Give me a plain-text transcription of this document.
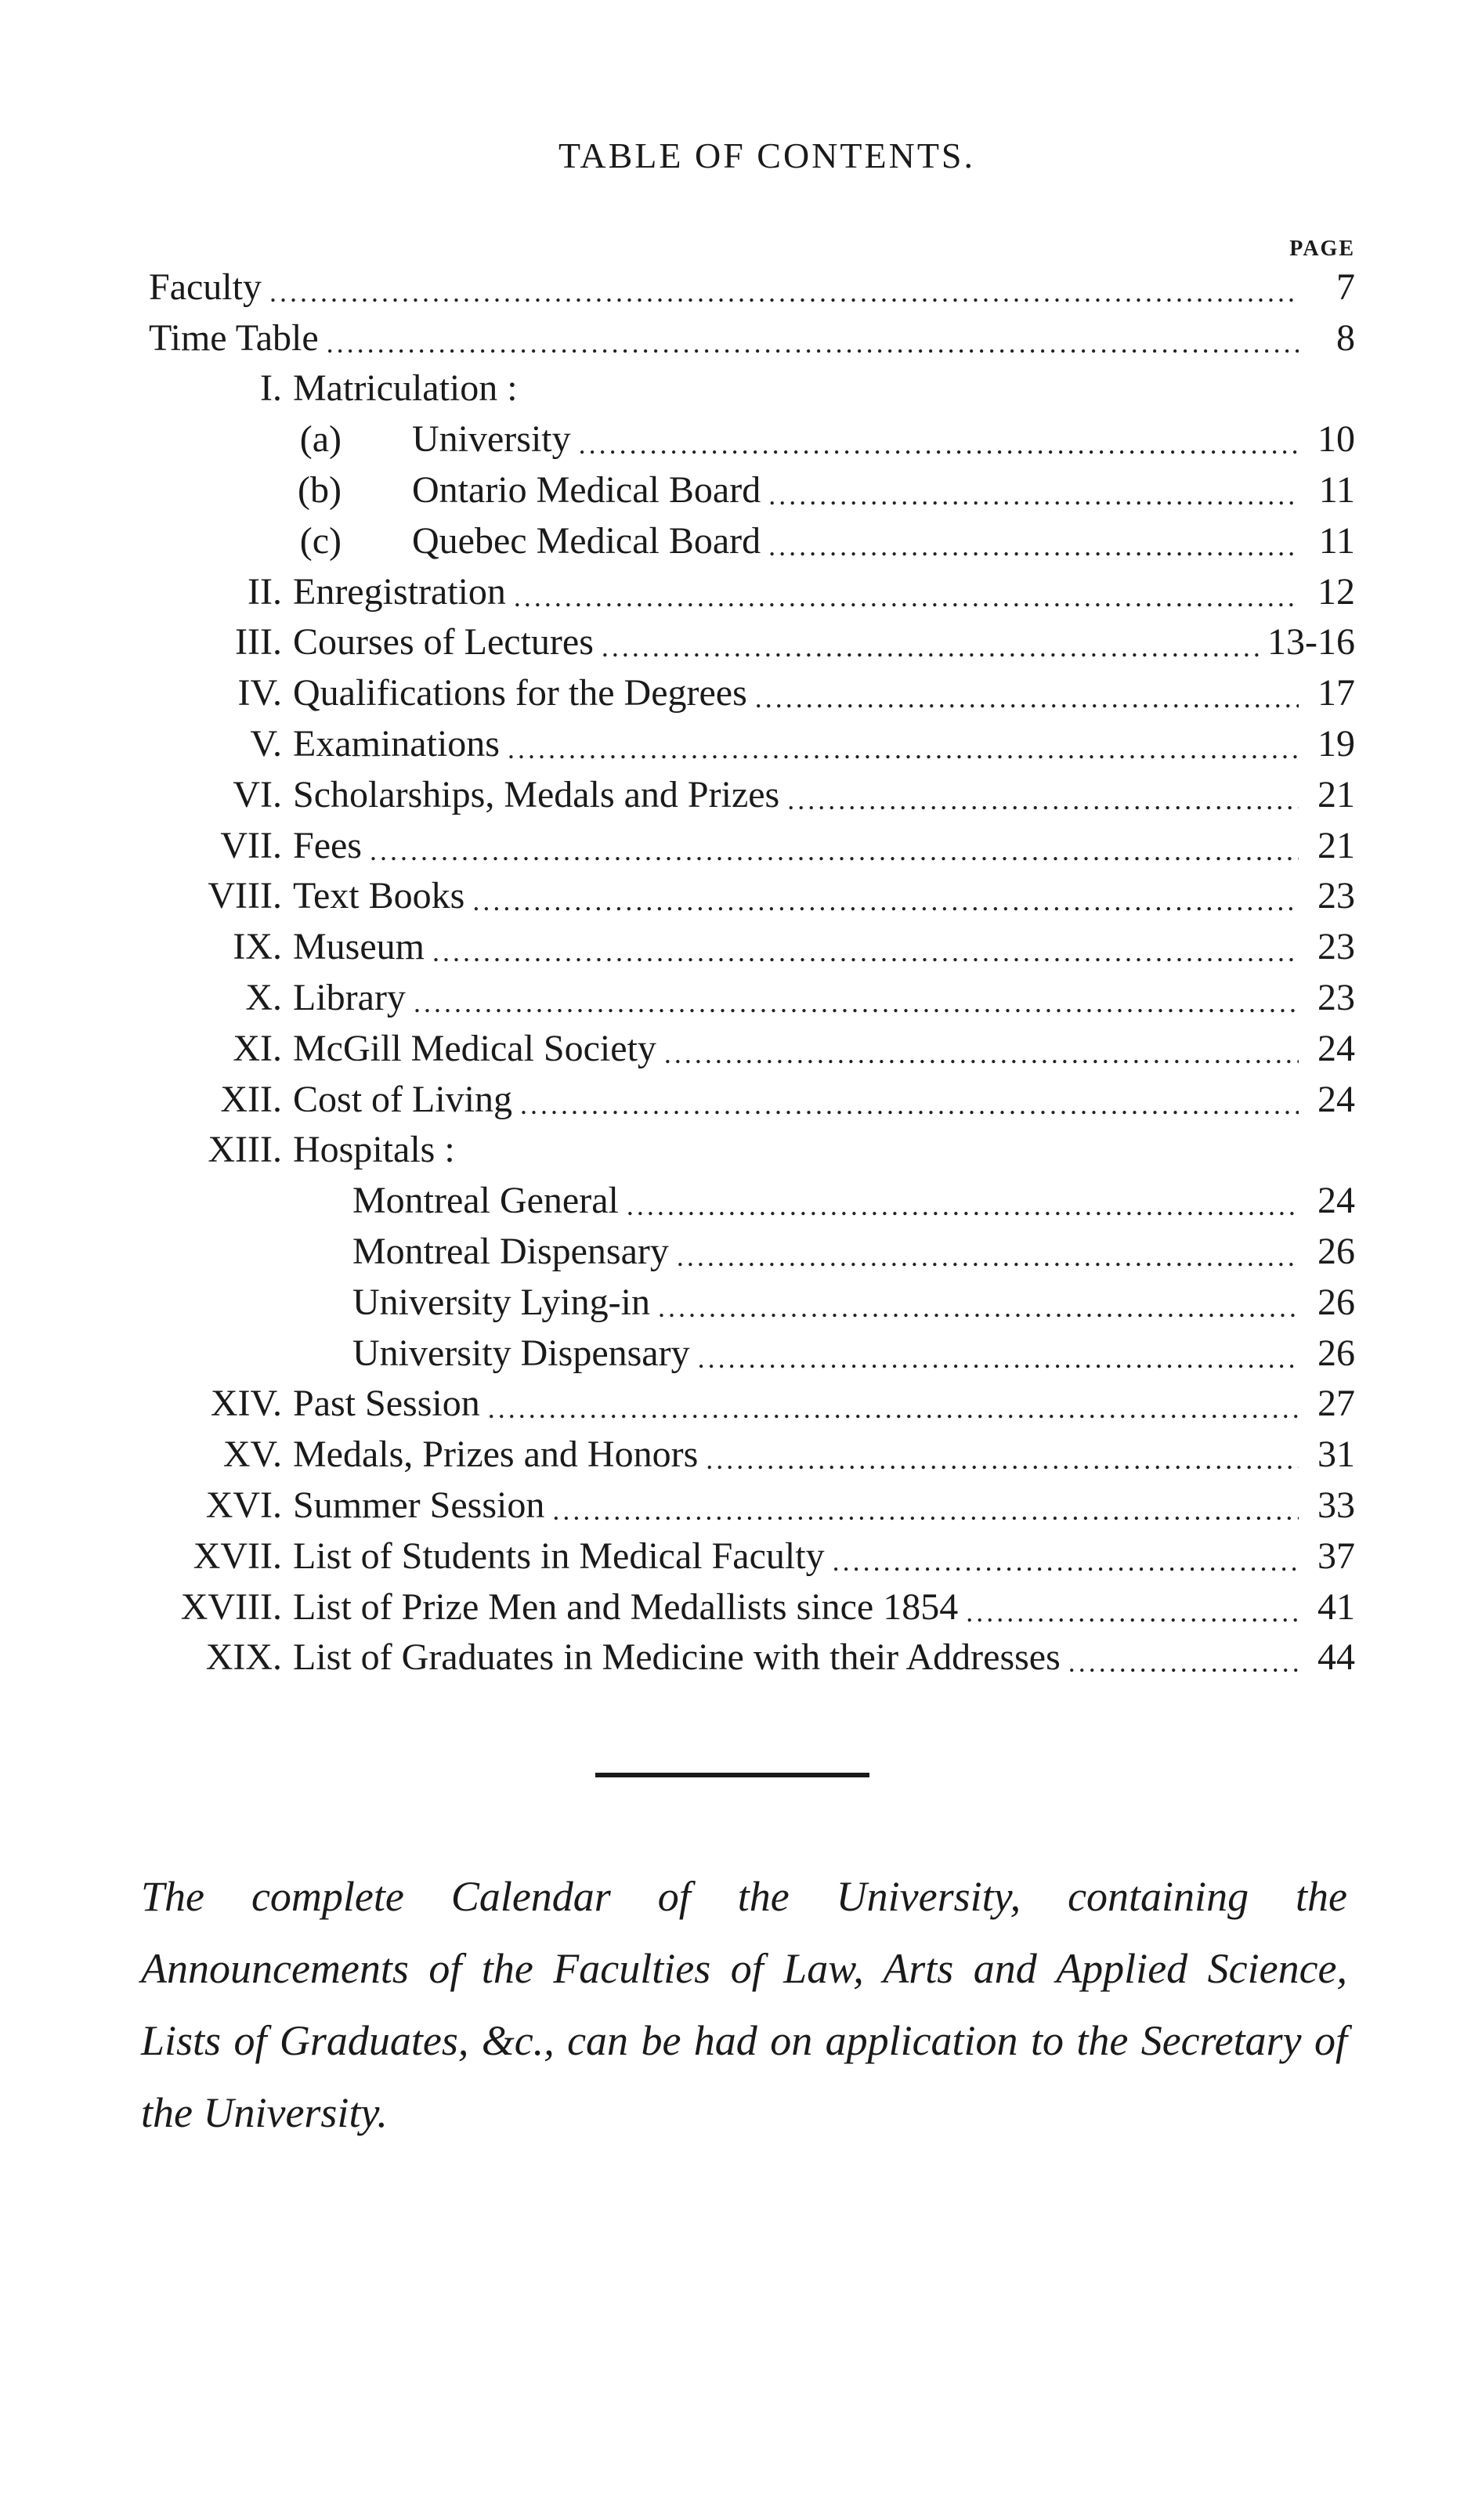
TABLE OF CONTENTS.
PAGE
Faculty .....	7
Time Table .....	8
I. Matriculation :
(a)	University .....	10
(b)	Ontario Medical Board .....	11
(c)	Quebec Medical Board .....	11
II. Enregistration .....	12
III. Courses of Lectures .....	13-16
IV. Qualifications for the Degrees .....	17
V. Examinations .....	19
VI. Scholarships, Medals and Prizes .....	21
VII. Fees .....	21
VIII. Text Books .....	23
IX. Museum .....	23
X. Library .....	23
XI. McGill Medical Society .....	24
XII. Cost of Living .....	24
XIII. Hospitals :
Montreal General .....	24
Montreal Dispensary .....	26
University Lying-in .....	26
University Dispensary .....	26
XIV. Past Session .....	27
XV. Medals, Prizes and Honors .....	31
XVI. Summer Session .....	33
XVII. List of Students in Medical Faculty .....	37
XVIII. List of Prize Men and Medallists since 1854 .....	41
XIX. List of Graduates in Medicine with their Addresses .....	44
The complete Calendar of the University, containing the Announcements of the Faculties of Law, Arts and Applied Science, Lists of Graduates, &c., can be had on application to the Secretary of the University.
